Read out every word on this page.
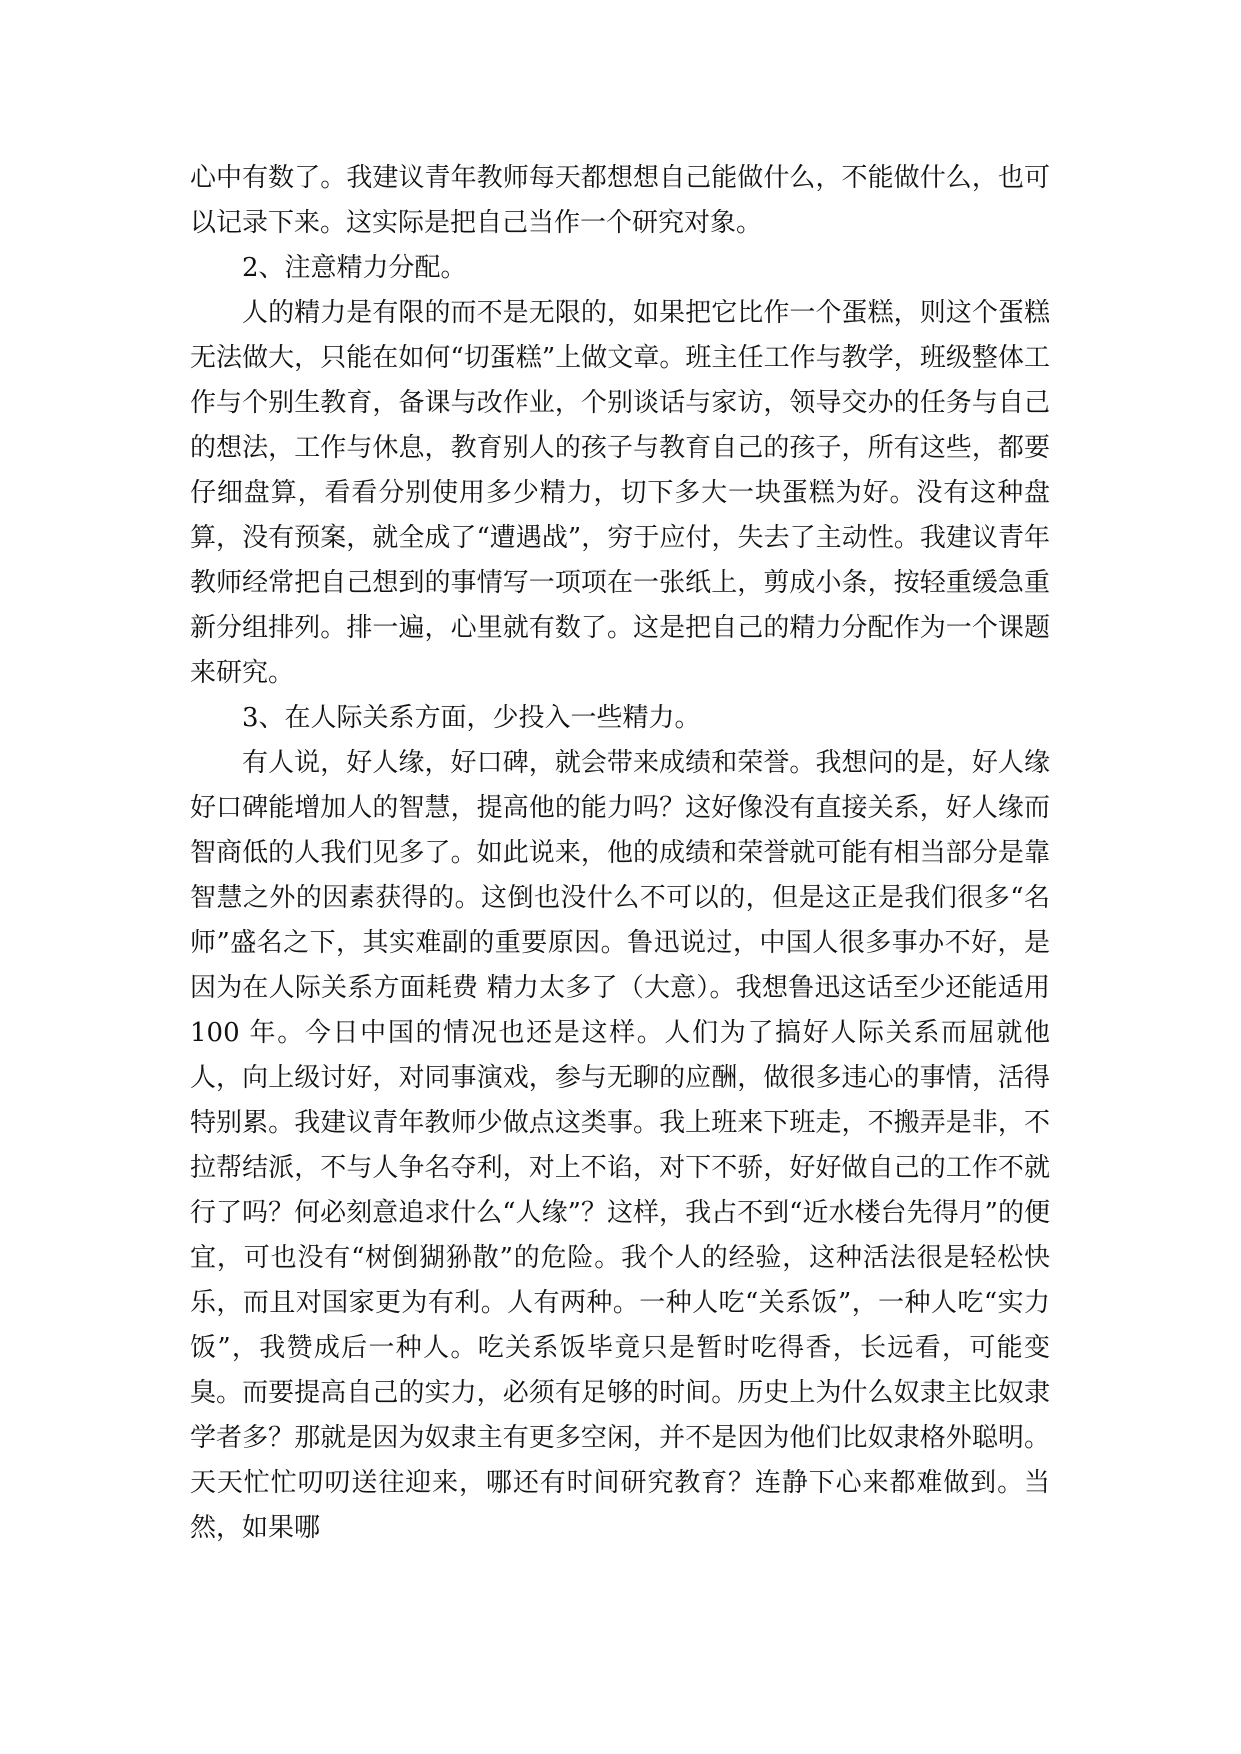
心中有数了。我建议青年教师每天都想想自己能做什么，不能做什么，也可以记录下来。这实际是把自己当作一个研究对象。

2、注意精力分配。

人的精力是有限的而不是无限的，如果把它比作一个蛋糕，则这个蛋糕无法做大，只能在如何“切蛋糕”上做文章。班主任工作与教学，班级整体工作与个别生教育，备课与改作业，个别谈话与家访，领导交办的任务与自己的想法，工作与休息，教育别人的孩子与教育自己的孩子，所有这些，都要仔细盘算，看看分别使用多少精力，切下多大一块蛋糕为好。没有这种盘算，没有预案，就全成了“遭遇战”，穷于应付，失去了主动性。我建议青年教师经常把自己想到的事情写一项项在一张纸上，剪成小条，按轻重缓急重新分组排列。排一遍，心里就有数了。这是把自己的精力分配作为一个课题来研究。

3、在人际关系方面，少投入一些精力。

有人说，好人缘，好口碑，就会带来成绩和荣誉。我想问的是，好人缘好口碑能增加人的智慧，提高他的能力吗？这好像没有直接关系，好人缘而智商低的人我们见多了。如此说来，他的成绩和荣誉就可能有相当部分是靠智慧之外的因素获得的。这倒也没什么不可以的，但是这正是我们很多“名师”盛名之下，其实难副的重要原因。鲁迅说过，中国人很多事办不好，是因为在人际关系方面耗费 精力太多了（大意）。我想鲁迅这话至少还能适用 100 年。今日中国的情况也还是这样。人们为了搞好人际关系而屈就他人，向上级讨好，对同事演戏，参与无聊的应酬，做很多违心的事情，活得特别累。我建议青年教师少做点这类事。我上班来下班走，不搬弄是非，不拉帮结派，不与人争名夺利，对上不谄，对下不骄，好好做自己的工作不就行了吗？何必刻意追求什么“人缘”？这样，我占不到“近水楼台先得月”的便宜，可也没有“树倒猢狲散”的危险。我个人的经验，这种活法很是轻松快乐，而且对国家更为有利。人有两种。一种人吃“关系饭”，一种人吃“实力饭”，我赞成后一种人。吃关系饭毕竟只是暂时吃得香，长远看，可能变臭。而要提高自己的实力，必须有足够的时间。历史上为什么奴隶主比奴隶学者多？那就是因为奴隶主有更多空闲，并不是因为他们比奴隶格外聪明。天天忙忙叨叨送往迎来，哪还有时间研究教育？连静下心来都难做到。当然，如果哪
